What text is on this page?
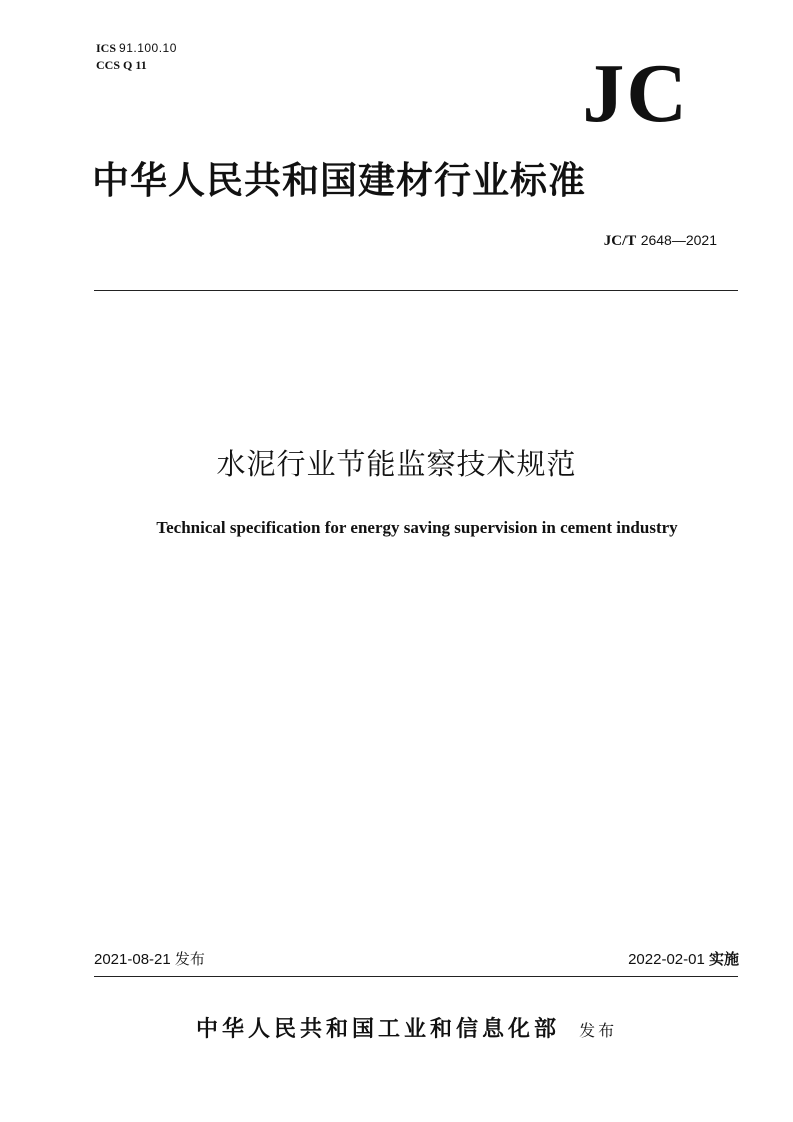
ICS 91.100.10
CCS Q 11	JC
中华人民共和国建材行业标准
JC/T 2648—2021
水泥行业节能监察技术规范
Technical specification for energy saving supervision in cement industry
2021-08-21 发布	2022-02-01 实施
中华人民共和国工业和信息化部 发布
